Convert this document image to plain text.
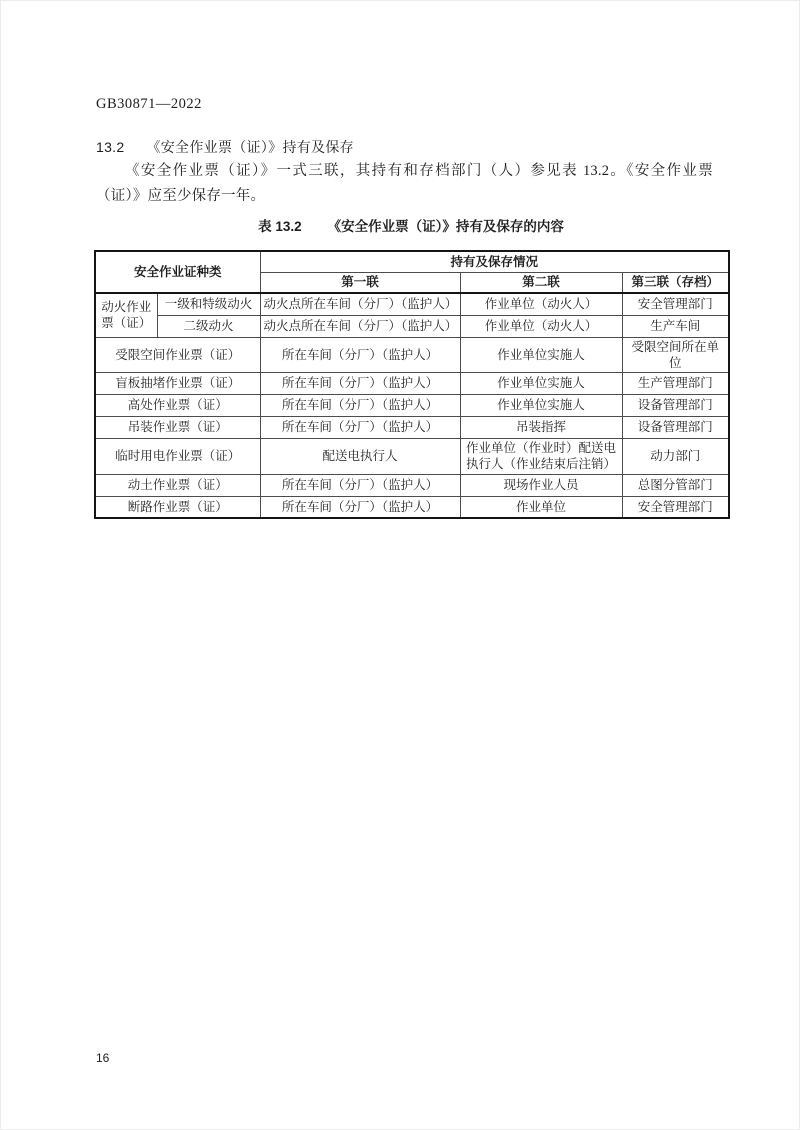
GB30871—2022
13.2 《安全作业票（证）》持有及保存

《安全作业票（证）》一式三联，其持有和存档部门（人）参见表 13.2。《安全作业票（证）》应至少保存一年。

表 13.2 《安全作业票（证）》持有及保存的内容
安全作业证种类		持有及保存情况		
		第一联	第二联	第三联（存档）
动火作业票（证）	一级和特级动火	动火点所在车间（分厂）（监护人）	作业单位（动火人）	安全管理部门
	二级动火	动火点所在车间（分厂）（监护人）	作业单位（动火人）	生产车间
受限空间作业票（证）		所在车间（分厂）（监护人）	作业单位实施人	受限空间所在单位
盲板抽堵作业票（证）		所在车间（分厂）（监护人）	作业单位实施人	生产管理部门
高处作业票（证）		所在车间（分厂）（监护人）	作业单位实施人	设备管理部门
吊装作业票（证）		所在车间（分厂）（监护人）	吊装指挥	设备管理部门
临时用电作业票（证）		配送电执行人	作业单位（作业时）配送电执行人（作业结束后注销）	动力部门
动土作业票（证）		所在车间（分厂）（监护人）	现场作业人员	总图分管部门
断路作业票（证）		所在车间（分厂）（监护人）	作业单位	安全管理部门
16
